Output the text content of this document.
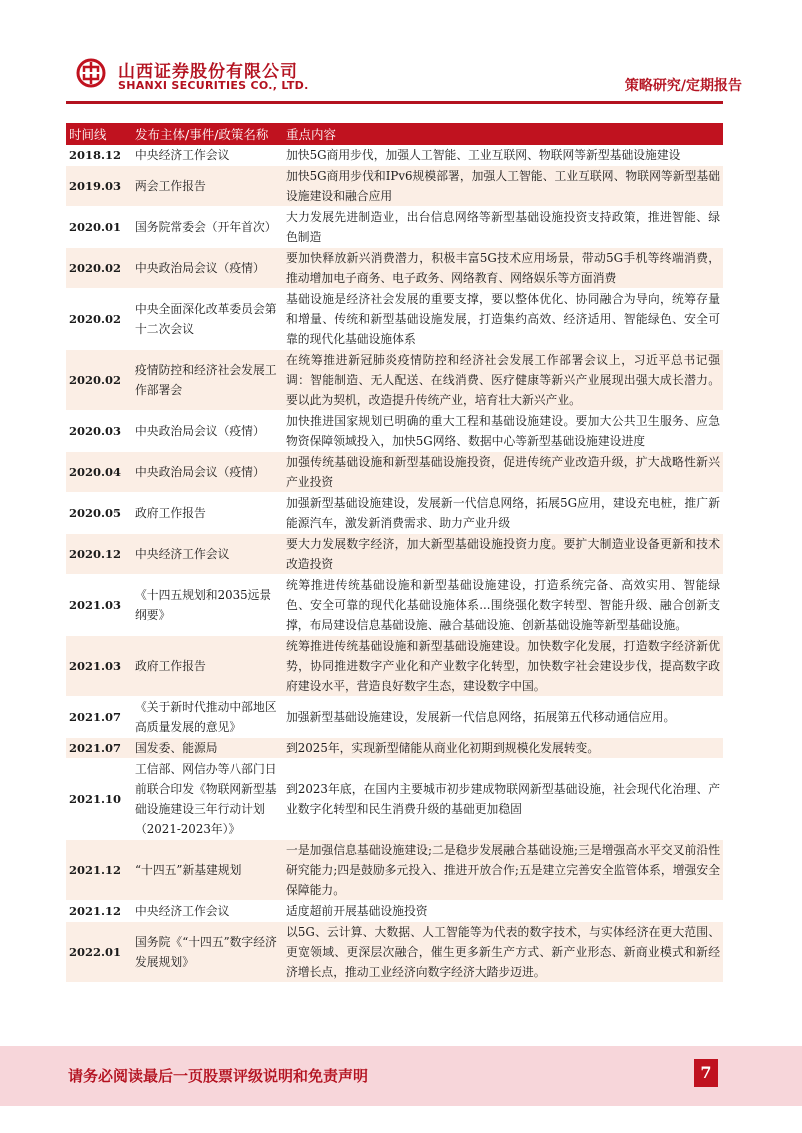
山西证券股份有限公司
SHANXI SECURITIES CO., LTD.	策略研究/定期报告
时间线	发布主体/事件/政策名称	重点内容
2018.12	中央经济工作会议	加快5G商用步伐，加强人工智能、工业互联网、物联网等新型基础设施建设
2019.03	两会工作报告	加快5G商用步伐和IPv6规模部署，加强人工智能、工业互联网、物联网等新型基础设施建设和融合应用
2020.01	国务院常委会（开年首次）	大力发展先进制造业，出台信息网络等新型基础设施投资支持政策，推进智能、绿色制造
2020.02	中央政治局会议（疫情）	要加快释放新兴消费潜力，积极丰富5G技术应用场景，带动5G手机等终端消费，推动增加电子商务、电子政务、网络教育、网络娱乐等方面消费
2020.02	中央全面深化改革委员会第十二次会议	基础设施是经济社会发展的重要支撑，要以整体优化、协同融合为导向，统筹存量和增量、传统和新型基础设施发展，打造集约高效、经济适用、智能绿色、安全可靠的现代化基础设施体系
2020.02	疫情防控和经济社会发展工作部署会	在统筹推进新冠肺炎疫情防控和经济社会发展工作部署会议上，习近平总书记强调：智能制造、无人配送、在线消费、医疗健康等新兴产业展现出强大成长潜力。要以此为契机，改造提升传统产业，培育壮大新兴产业。
2020.03	中央政治局会议（疫情）	加快推进国家规划已明确的重大工程和基础设施建设。要加大公共卫生服务、应急物资保障领域投入，加快5G网络、数据中心等新型基础设施建设进度
2020.04	中央政治局会议（疫情）	加强传统基础设施和新型基础设施投资，促进传统产业改造升级，扩大战略性新兴产业投资
2020.05	政府工作报告	加强新型基础设施建设，发展新一代信息网络，拓展5G应用，建设充电桩，推广新能源汽车，激发新消费需求、助力产业升级
2020.12	中央经济工作会议	要大力发展数字经济，加大新型基础设施投资力度。要扩大制造业设备更新和技术改造投资
2021.03	《十四五规划和2035远景纲要》	统筹推进传统基础设施和新型基础设施建设，打造系统完备、高效实用、智能绿色、安全可靠的现代化基础设施体系...围绕强化数字转型、智能升级、融合创新支撑，布局建设信息基础设施、融合基础设施、创新基础设施等新型基础设施。
2021.03	政府工作报告	统筹推进传统基础设施和新型基础设施建设。加快数字化发展，打造数字经济新优势，协同推进数字产业化和产业数字化转型，加快数字社会建设步伐，提高数字政府建设水平，营造良好数字生态，建设数字中国。
2021.07	《关于新时代推动中部地区高质量发展的意见》	加强新型基础设施建设，发展新一代信息网络，拓展第五代移动通信应用。
2021.07	国发委、能源局	到2025年，实现新型储能从商业化初期到规模化发展转变。
2021.10	工信部、网信办等八部门日前联合印发《物联网新型基础设施建设三年行动计划（2021-2023年）》	到2023年底，在国内主要城市初步建成物联网新型基础设施，社会现代化治理、产业数字化转型和民生消费升级的基础更加稳固
2021.12	“十四五”新基建规划	一是加强信息基础设施建设;二是稳步发展融合基础设施;三是增强高水平交叉前沿性研究能力;四是鼓励多元投入、推进开放合作;五是建立完善安全监管体系，增强安全保障能力。
2021.12	中央经济工作会议	适度超前开展基础设施投资
2022.01	国务院《“十四五”数字经济发展规划》	以5G、云计算、大数据、人工智能等为代表的数字技术，与实体经济在更大范围、更宽领域、更深层次融合，催生更多新生产方式、新产业形态、新商业模式和新经济增长点，推动工业经济向数字经济大踏步迈进。
请务必阅读最后一页股票评级说明和免责声明	7
